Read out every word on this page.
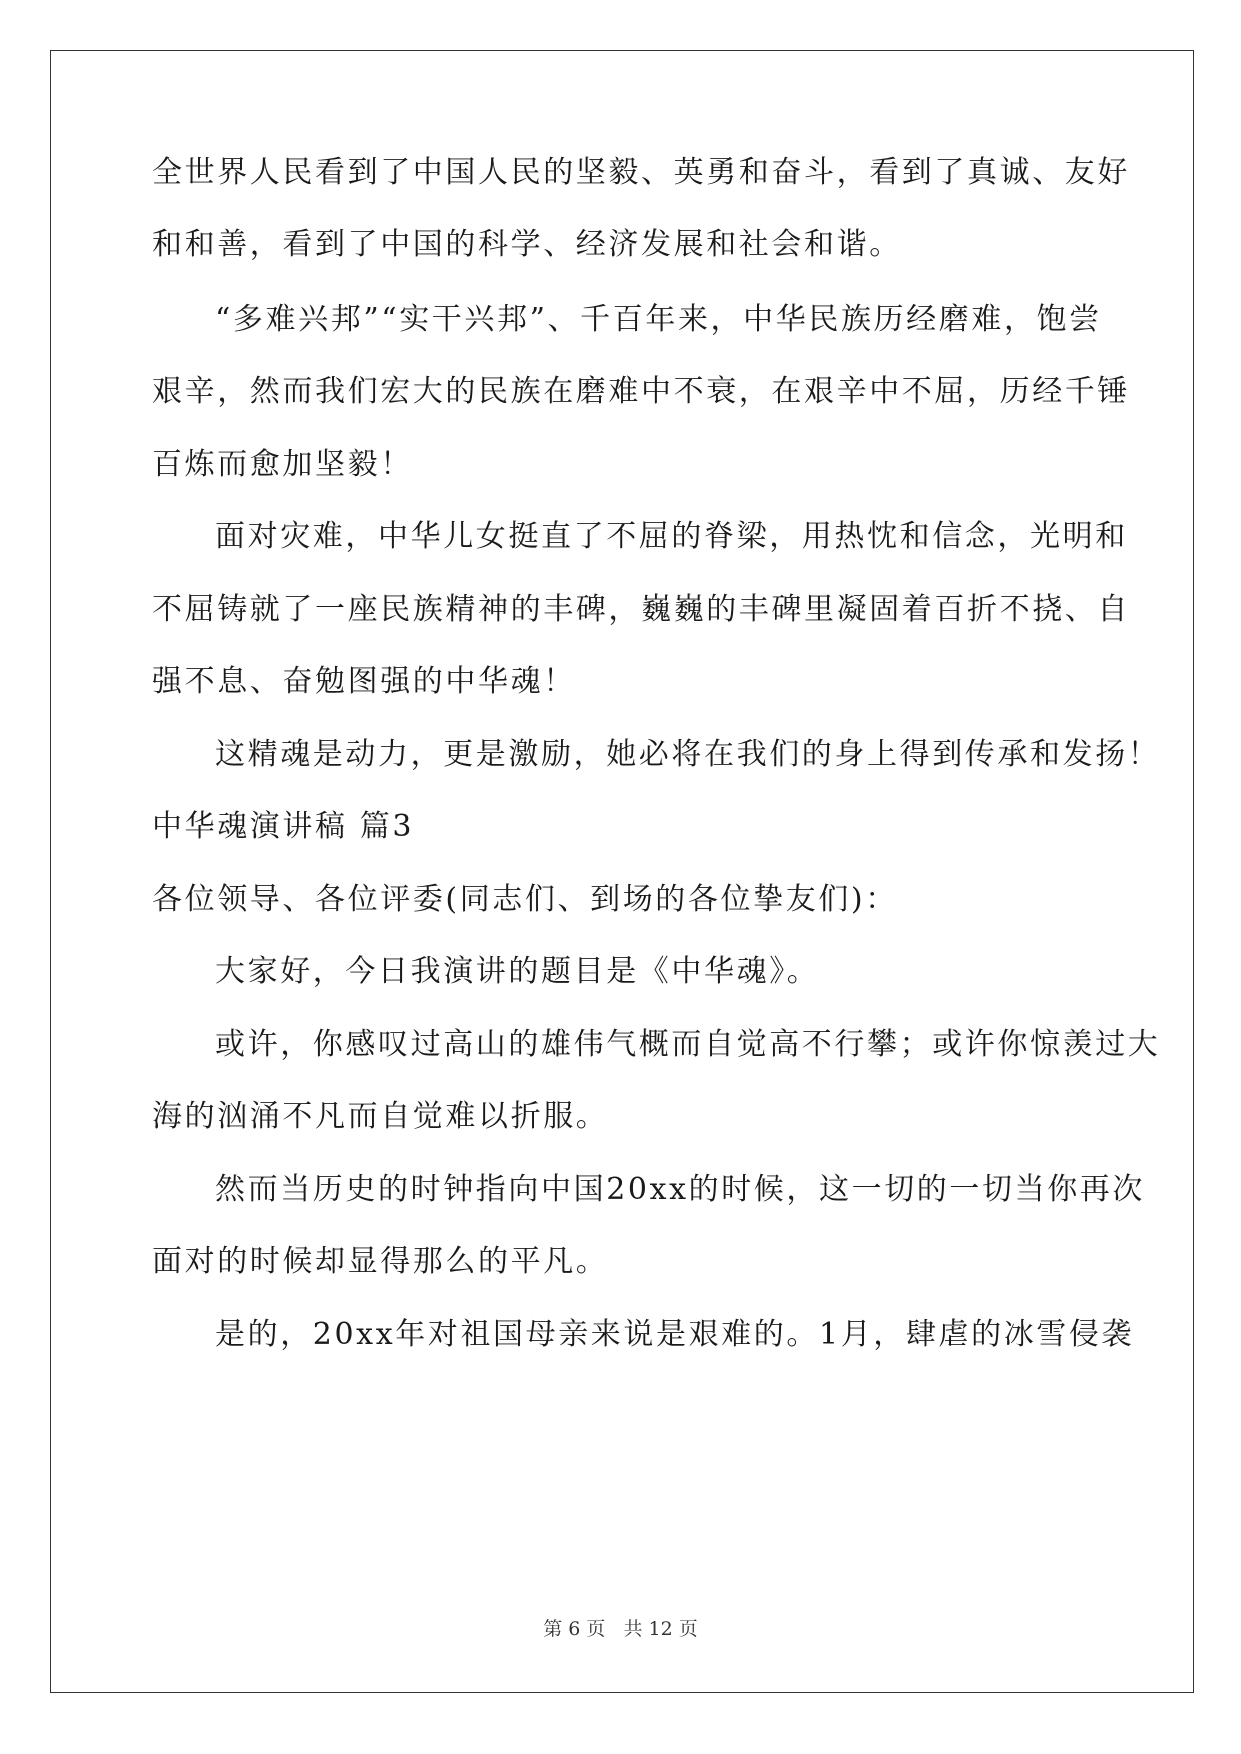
全世界人民看到了中国人民的坚毅、英勇和奋斗，看到了真诚、友好

和和善，看到了中国的科学、经济发展和社会和谐。

“多难兴邦”“实干兴邦”、千百年来，中华民族历经磨难，饱尝

艰辛，然而我们宏大的民族在磨难中不衰，在艰辛中不屈，历经千锤

百炼而愈加坚毅！

面对灾难，中华儿女挺直了不屈的脊梁，用热忱和信念，光明和

不屈铸就了一座民族精神的丰碑，巍巍的丰碑里凝固着百折不挠、自

强不息、奋勉图强的中华魂！

这精魂是动力，更是激励，她必将在我们的身上得到传承和发扬！

中华魂演讲稿 篇3

各位领导、各位评委(同志们、到场的各位挚友们)：

大家好，今日我演讲的题目是《中华魂》。

或许，你感叹过高山的雄伟气概而自觉高不行攀；或许你惊羡过大

海的汹涌不凡而自觉难以折服。

然而当历史的时钟指向中国20xx的时候，这一切的一切当你再次

面对的时候却显得那么的平凡。

是的，20xx年对祖国母亲来说是艰难的。1月，肆虐的冰雪侵袭

第 6 页   共 12 页
